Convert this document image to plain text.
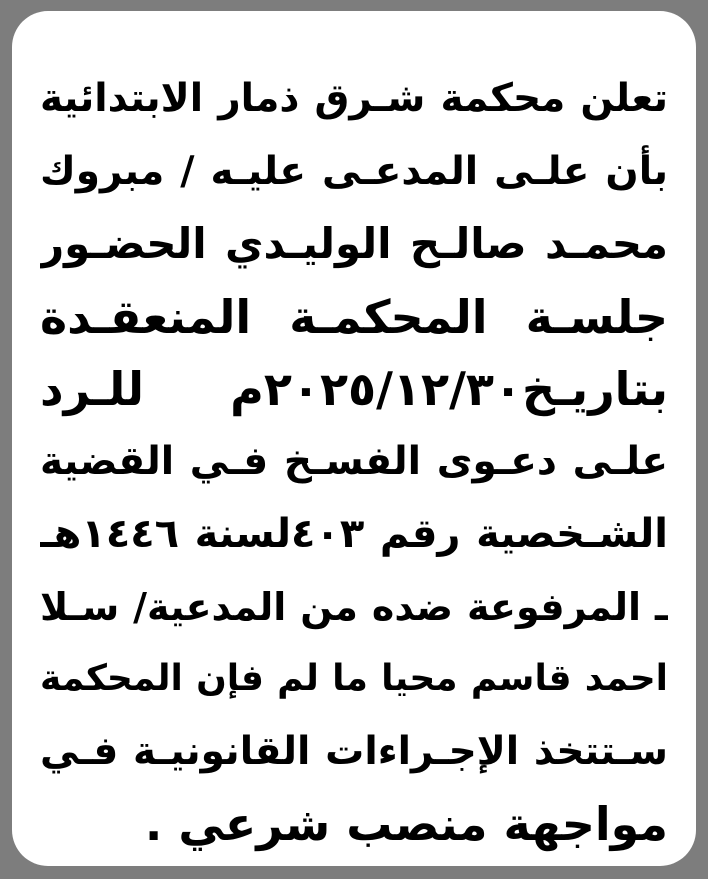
تعلن محكمة شـرق ذمار الابتدائية
بأن علـى المدعـى عليـه / مبروك
محمـد صالـح الوليـدي الحضـور
جلسـة المحكمـة المنعقـدة
بتاريـخ٢٠٢٥/١٢/٣٠م للـرد
علـى دعـوى الفسـخ فـي القضية
الشـخصية رقم ٤٠٣لسنة ١٤٤٦هـ
ـ المرفوعة ضده من المدعية/ سـلا
احمد قاسم محيا ما لم فإن المحكمة
سـتتخذ الإجـراءات القانونيـة فـي
مواجهة منصب شرعي .
